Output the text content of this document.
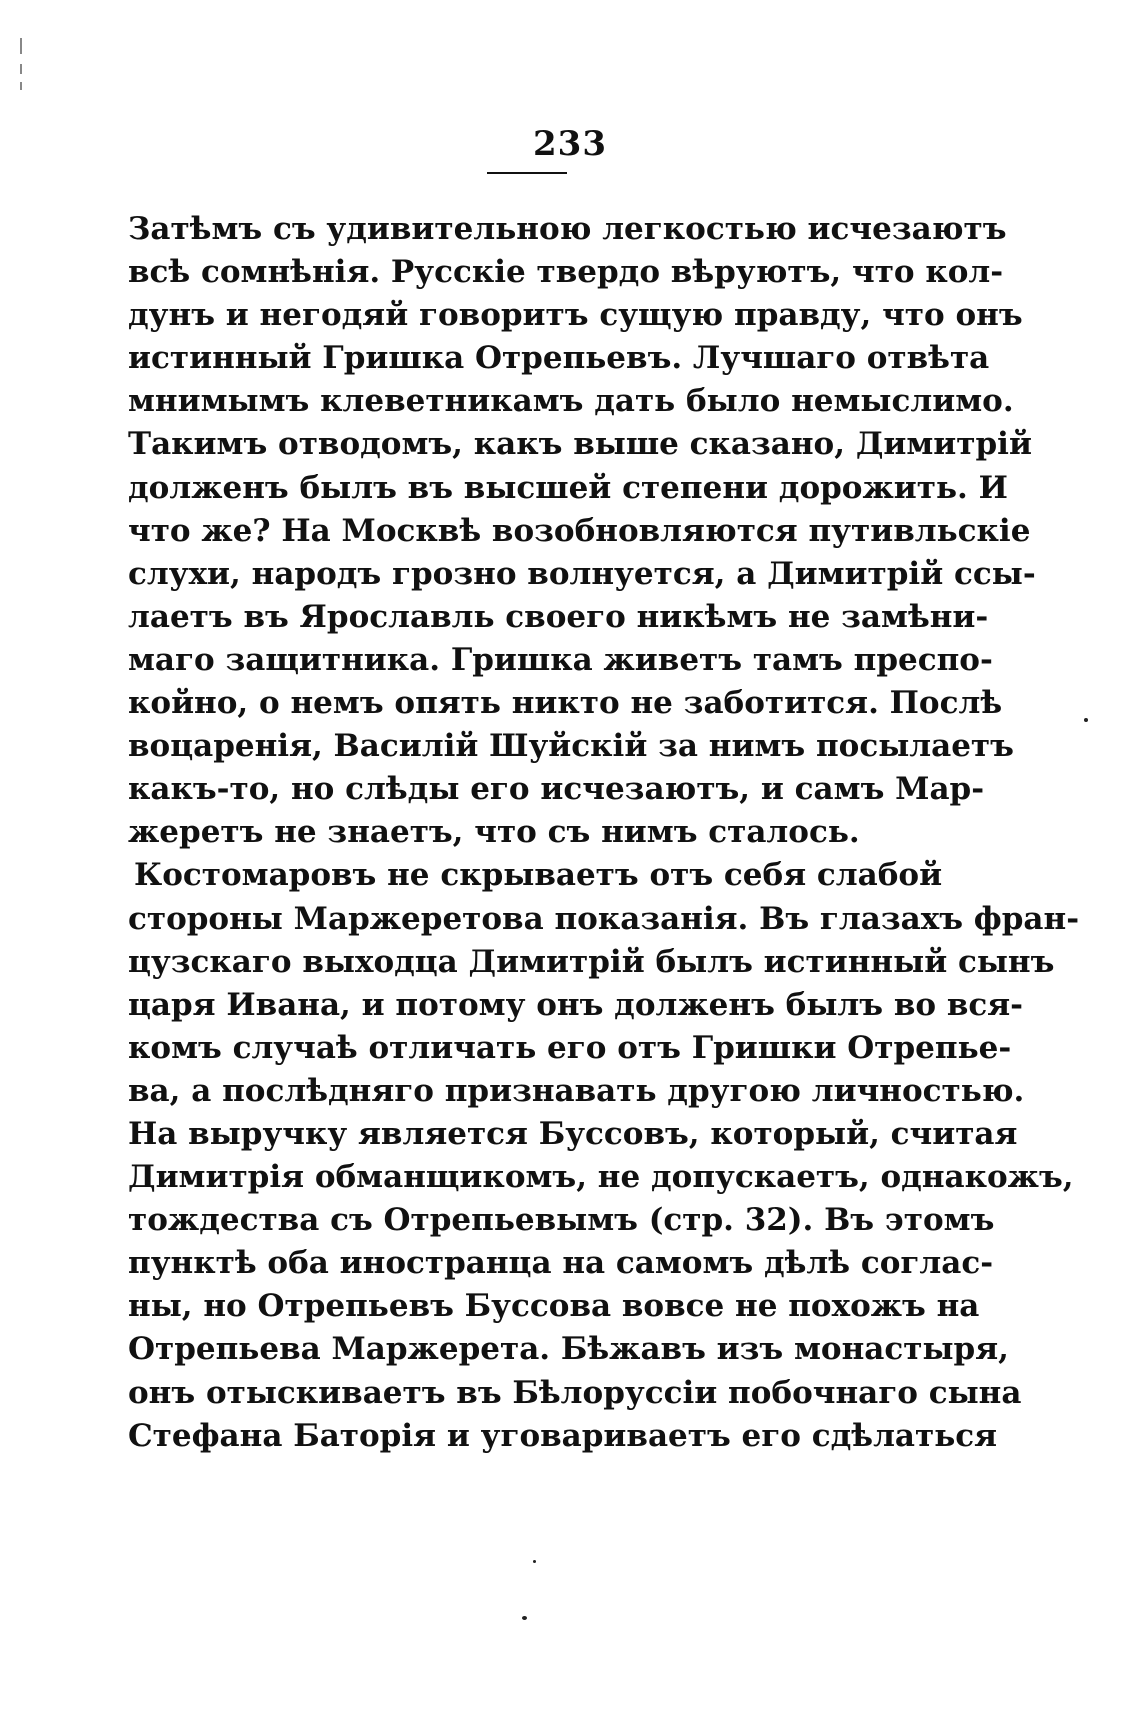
233
Затѣмъ съ удивительною легкостью исчезаютъ
всѣ сомнѣнія. Русскіе твердо вѣруютъ, что кол-
дунъ и негодяй говоритъ сущую правду, что онъ
истинный Гришка Отрепьевъ. Лучшаго отвѣта
мнимымъ клеветникамъ дать было немыслимо.
Такимъ отводомъ, какъ выше сказано, Димитрій
долженъ былъ въ высшей степени дорожить. И
что же? На Москвѣ возобновляются путивльскіе
слухи, народъ грозно волнуется, а Димитрій ссы-
лаетъ въ Ярославль своего никѣмъ не замѣни-
маго защитника. Гришка живетъ тамъ преспо-
койно, о немъ опять никто не заботится. Послѣ
воцаренія, Василій Шуйскій за нимъ посылаетъ
какъ-то, но слѣды его исчезаютъ, и самъ Мар-
жеретъ не знаетъ, что съ нимъ сталось.
Костомаровъ не скрываетъ отъ себя слабой
стороны Маржеретова показанія. Въ глазахъ фран-
цузскаго выходца Димитрій былъ истинный сынъ
царя Ивана, и потому онъ долженъ былъ во вся-
комъ случаѣ отличать его отъ Гришки Отрепье-
ва, а послѣдняго признавать другою личностью.
На выручку является Буссовъ, который, считая
Димитрія обманщикомъ, не допускаетъ, однакожъ,
тождества съ Отрепьевымъ (стр. 32). Въ этомъ
пунктѣ оба иностранца на самомъ дѣлѣ соглас-
ны, но Отрепьевъ Буссова вовсе не похожъ на
Отрепьева Маржерета. Бѣжавъ изъ монастыря,
онъ отыскиваетъ въ Бѣлоруссіи побочнаго сына
Стефана Баторія и уговариваетъ его сдѣлаться
